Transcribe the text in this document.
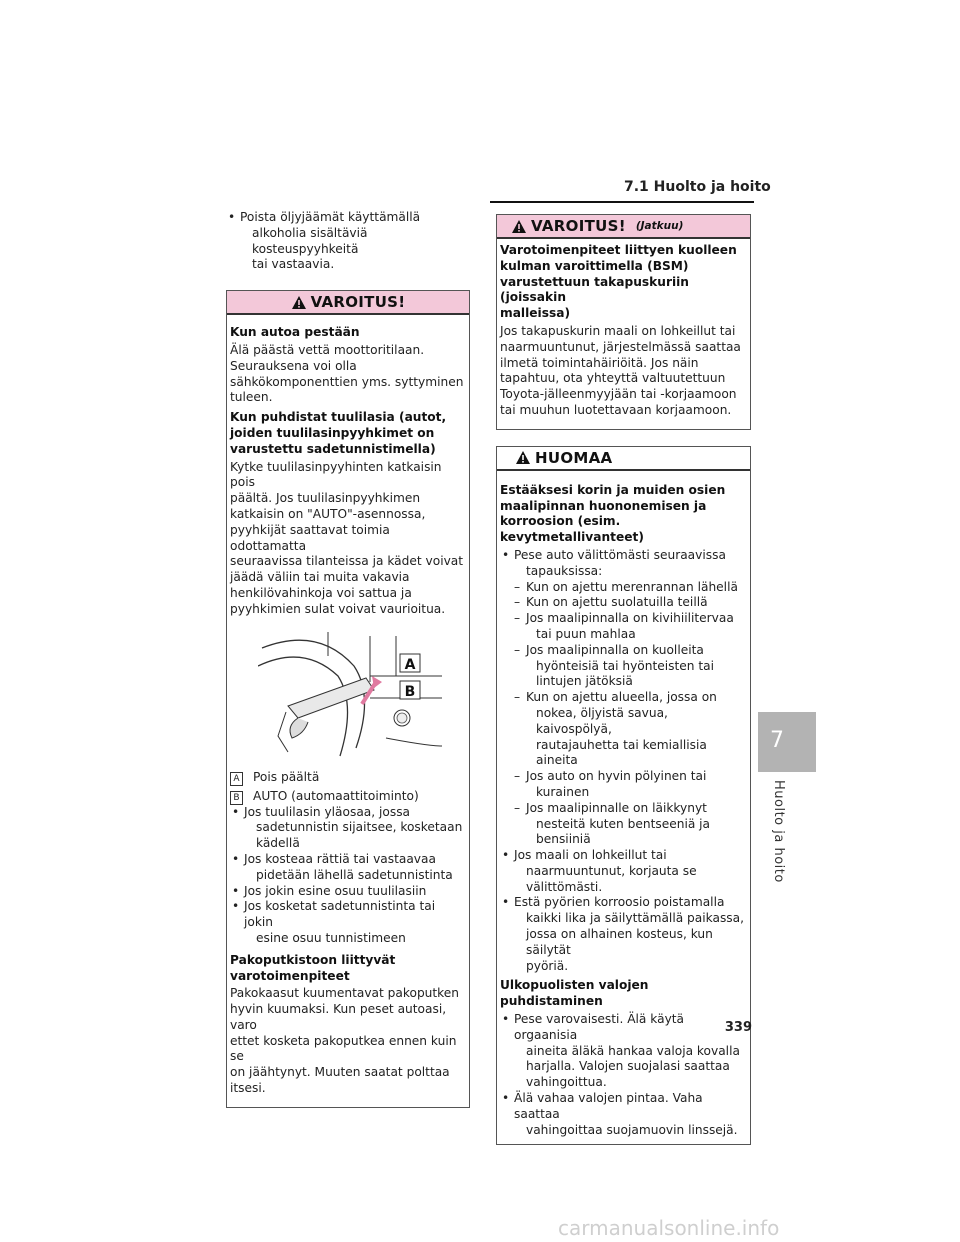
7.1 Huolto ja hoito
• Poista öljyjäämät käyttämällä
alkoholia sisältäviä kosteuspyyhkeitä
tai vastaavia.
VAROITUS!
Kun autoa pestään
Älä päästä vettä moottoritilaan.
Seurauksena voi olla
sähkökomponenttien yms. syttyminen
tuleen.
Kun puhdistat tuulilasia (autot,
joiden tuulilasinpyyhkimet on
varustettu sadetunnistimella)
Kytke tuulilasinpyyhinten katkaisin pois
päältä. Jos tuulilasinpyyhkimen
katkaisin on "AUTO"-asennossa,
pyyhkijät saattavat toimia odottamatta
seuraavissa tilanteissa ja kädet voivat
jäädä väliin tai muita vakavia
henkilövahinkoja voi sattua ja
pyyhkimien sulat voivat vaurioitua.
A
B
A Pois päältä
B AUTO (automaattitoiminto)
• Jos tuulilasin yläosaa, jossa
sadetunnistin sijaitsee, kosketaan
kädellä
• Jos kosteaa rättiä tai vastaavaa
pidetään lähellä sadetunnistinta
• Jos jokin esine osuu tuulilasiin
• Jos kosketat sadetunnistinta tai jokin
esine osuu tunnistimeen
Pakoputkistoon liittyvät
varotoimenpiteet
Pakokaasut kuumentavat pakoputken
hyvin kuumaksi. Kun peset autoasi, varo
ettet kosketa pakoputkea ennen kuin se
on jäähtynyt. Muuten saatat polttaa
itsesi.
VAROITUS! (Jatkuu)
Varotoimenpiteet liittyen kuolleen
kulman varoittimella (BSM)
varustettuun takapuskuriin (joissakin
malleissa)
Jos takapuskurin maali on lohkeillut tai
naarmuuntunut, järjestelmässä saattaa
ilmetä toimintahäiriöitä. Jos näin
tapahtuu, ota yhteyttä valtuutettuun
Toyota-jälleenmyyjään tai -korjaamoon
tai muuhun luotettavaan korjaamoon.
HUOMAA
Estääksesi korin ja muiden osien
maalipinnan huononemisen ja
korroosion (esim.
kevytmetallivanteet)
• Pese auto välittömästi seuraavissa
tapauksissa:
– Kun on ajettu merenrannan lähellä
– Kun on ajettu suolatuilla teillä
– Jos maalipinnalla on kivihiilitervaa
tai puun mahlaa
– Jos maalipinnalla on kuolleita
hyönteisiä tai hyönteisten tai
lintujen jätöksiä
– Kun on ajettu alueella, jossa on
nokea, öljyistä savua, kaivospölyä,
rautajauhetta tai kemiallisia aineita
– Jos auto on hyvin pölyinen tai
kurainen
– Jos maalipinnalle on läikkynyt
nesteitä kuten bentseeniä ja
bensiiniä
• Jos maali on lohkeillut tai
naarmuuntunut, korjauta se
välittömästi.
• Estä pyörien korroosio poistamalla
kaikki lika ja säilyttämällä paikassa,
jossa on alhainen kosteus, kun säilytät
pyöriä.
Ulkopuolisten valojen puhdistaminen
• Pese varovaisesti. Älä käytä orgaanisia
aineita äläkä hankaa valoja kovalla
harjalla. Valojen suojalasi saattaa
vahingoittua.
• Älä vahaa valojen pintaa. Vaha saattaa
vahingoittaa suojamuovin linssejä.
7
Huolto ja hoito
339
carmanualsonline.info
